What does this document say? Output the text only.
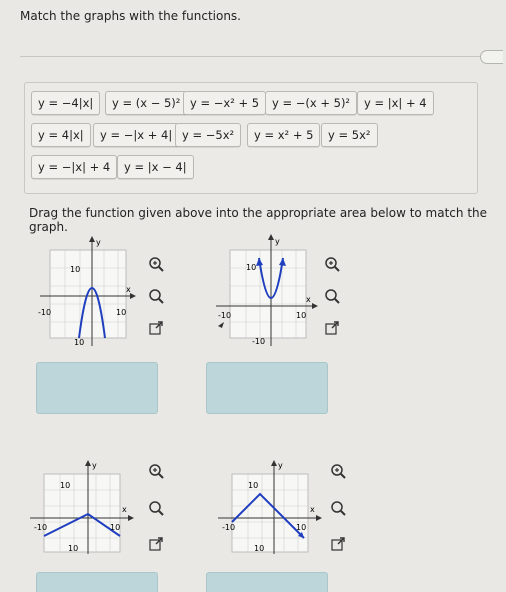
Match the graphs with the functions.
y = −4|x|	y = (x − 5)² y = −x² + 5	y = −(x + 5)²	y = |x| + 4
y = 4|x|	y = −|x + 4| y = −5x²	y = x² + 5	y = 5x²
y = −|x| + 4	y = |x − 4|
Drag the function given above into the appropriate area below to match the graph.
y
x
10
-10	10
10
y
x
10
-10	10
-10
y
x
10
-10	10
10
y
x
10
-10	10
10
